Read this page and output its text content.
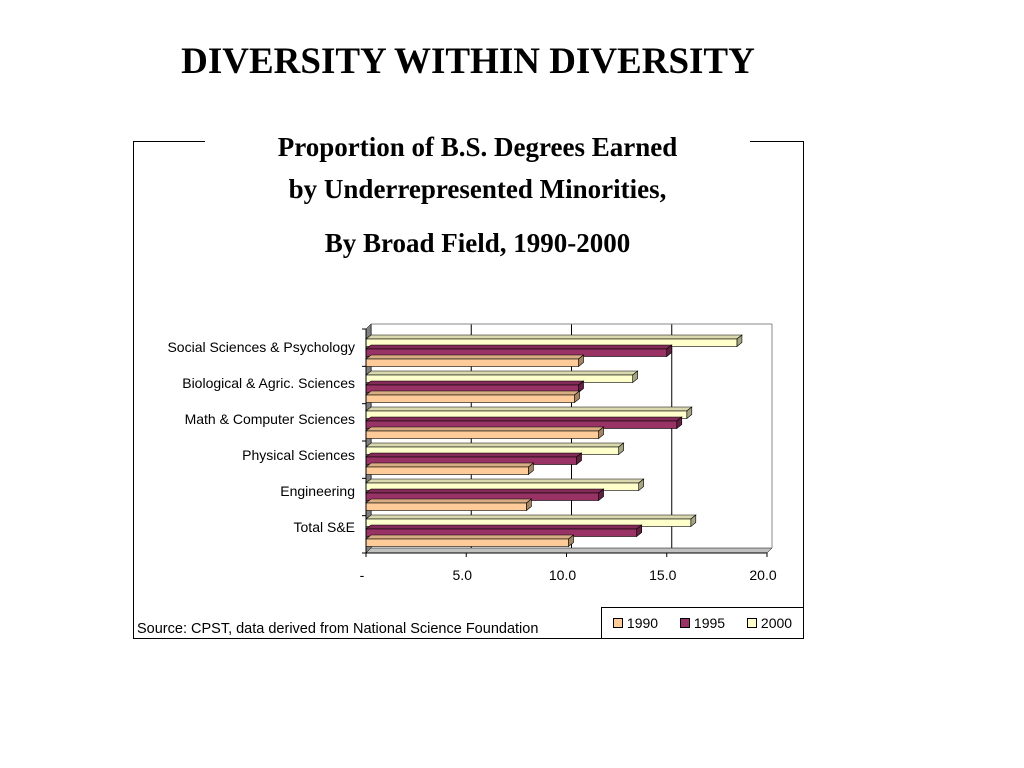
DIVERSITY WITHIN DIVERSITY
Proportion of B.S. Degrees Earned
by Underrepresented Minorities,
By Broad Field, 1990-2000
Social Sciences & Psychology
Biological & Agric. Sciences
Math & Computer Sciences
Physical Sciences
Engineering
Total S&E
-	5.0	10.0	15.0	20.0
Source: CPST, data derived from National Science Foundation	1990	1995	2000
